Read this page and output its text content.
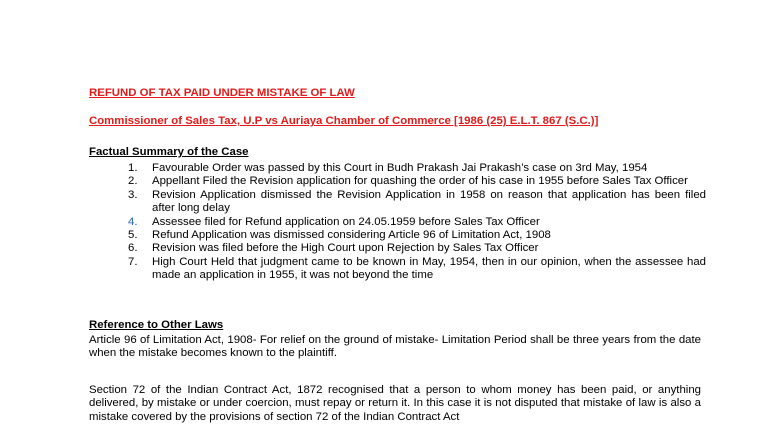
REFUND OF TAX PAID UNDER MISTAKE OF LAW
Commissioner of Sales Tax, U.P vs Auriaya Chamber of Commerce [1986 (25) E.L.T. 867 (S.C.)]
Factual Summary of the Case
1. Favourable Order was passed by this Court in Budh Prakash Jai Prakash’s case on 3rd May, 1954
2. Appellant Filed the Revision application for quashing the order of his case in 1955 before Sales Tax Officer
3. Revision Application dismissed the Revision Application in 1958 on reason that application has been filed after long delay
4. Assessee filed for Refund application on 24.05.1959 before Sales Tax Officer
5. Refund Application was dismissed considering Article 96 of Limitation Act, 1908
6. Revision was filed before the High Court upon Rejection by Sales Tax Officer
7. High Court Held that judgment came to be known in May, 1954, then in our opinion, when the assessee had made an application in 1955, it was not beyond the time
Reference to Other Laws

Article 96 of Limitation Act, 1908- For relief on the ground of mistake- Limitation Period shall be three years from the date when the mistake becomes known to the plaintiff.

Section 72 of the Indian Contract Act, 1872 recognised that a person to whom money has been paid, or anything delivered, by mistake or under coercion, must repay or return it. In this case it is not disputed that mistake of law is also a mistake covered by the provisions of section 72 of the Indian Contract Act
